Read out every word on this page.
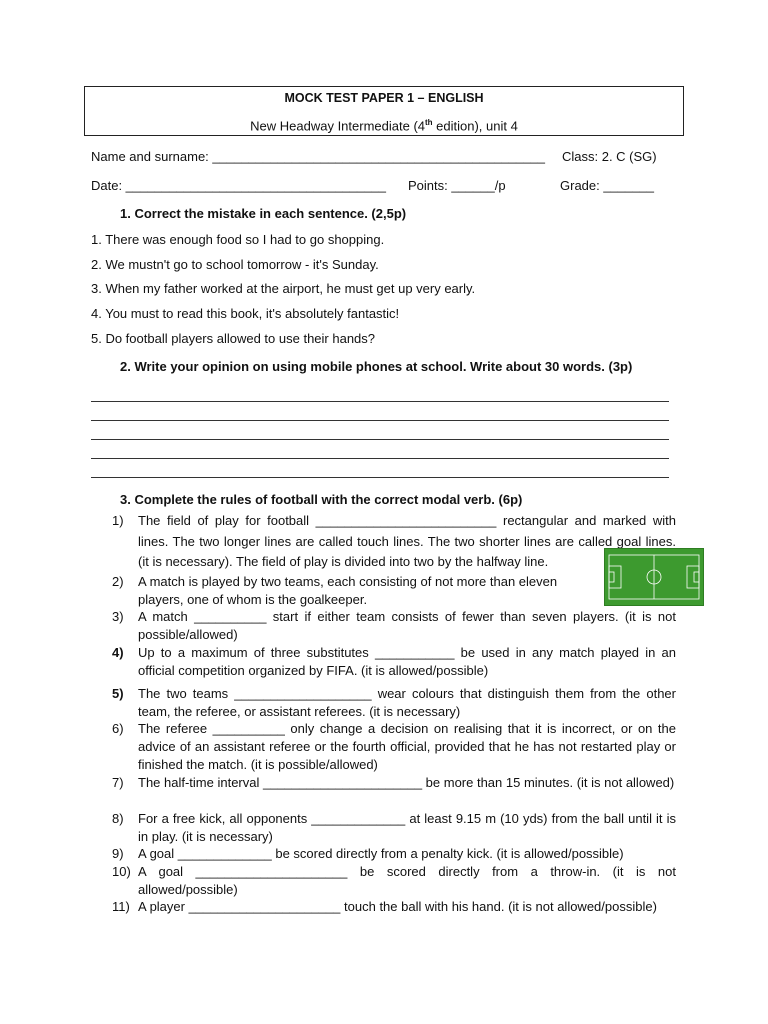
MOCK TEST PAPER 1 – ENGLISH
New Headway Intermediate (4th edition), unit 4
Name and surname: ______________________________________________ Class: 2. C (SG)
Date: ____________________________________ Points: ______/p	Grade: _______
1. Correct the mistake in each sentence. (2,5p)
1. There was enough food so I had to go shopping.
2. We mustn't go to school tomorrow - it's Sunday.
3. When my father worked at the airport, he must get up very early.
4. You must to read this book, it's absolutely fantastic!
5. Do football players allowed to use their hands?
2. Write your opinion on using mobile phones at school. Write about 30 words. (3p)
3. Complete the rules of football with the correct modal verb. (6p)
1)	The field of play for football _________________________ rectangular and marked with lines. The two longer lines are called touch lines. The two shorter lines are called goal lines. (it is necessary). The field of play is divided into two by the halfway line.
2)	A match is played by two teams, each consisting of not more than eleven players, one of whom is the goalkeeper.
3)	A match __________ start if either team consists of fewer than seven players. (it is not possible/allowed)
4)	Up to a maximum of three substitutes ___________ be used in any match played in an official competition organized by FIFA. (it is allowed/possible)
5)	The two teams ___________________ wear colours that distinguish them from the other team, the referee, or assistant referees. (it is necessary)
6)	The referee __________ only change a decision on realising that it is incorrect, or on the advice of an assistant referee or the fourth official, provided that he has not restarted play or finished the match. (it is possible/allowed)
7)	The half-time interval ______________________ be more than 15 minutes. (it is not allowed)
8)	For a free kick, all opponents _____________ at least 9.15 m (10 yds) from the ball until it is in play. (it is necessary)
9)	A goal _____________ be scored directly from a penalty kick. (it is allowed/possible)
10) A goal _____________________ be scored directly from a throw-in. (it is not allowed/possible)
11) A player _____________________ touch the ball with his hand. (it is not allowed/possible)
